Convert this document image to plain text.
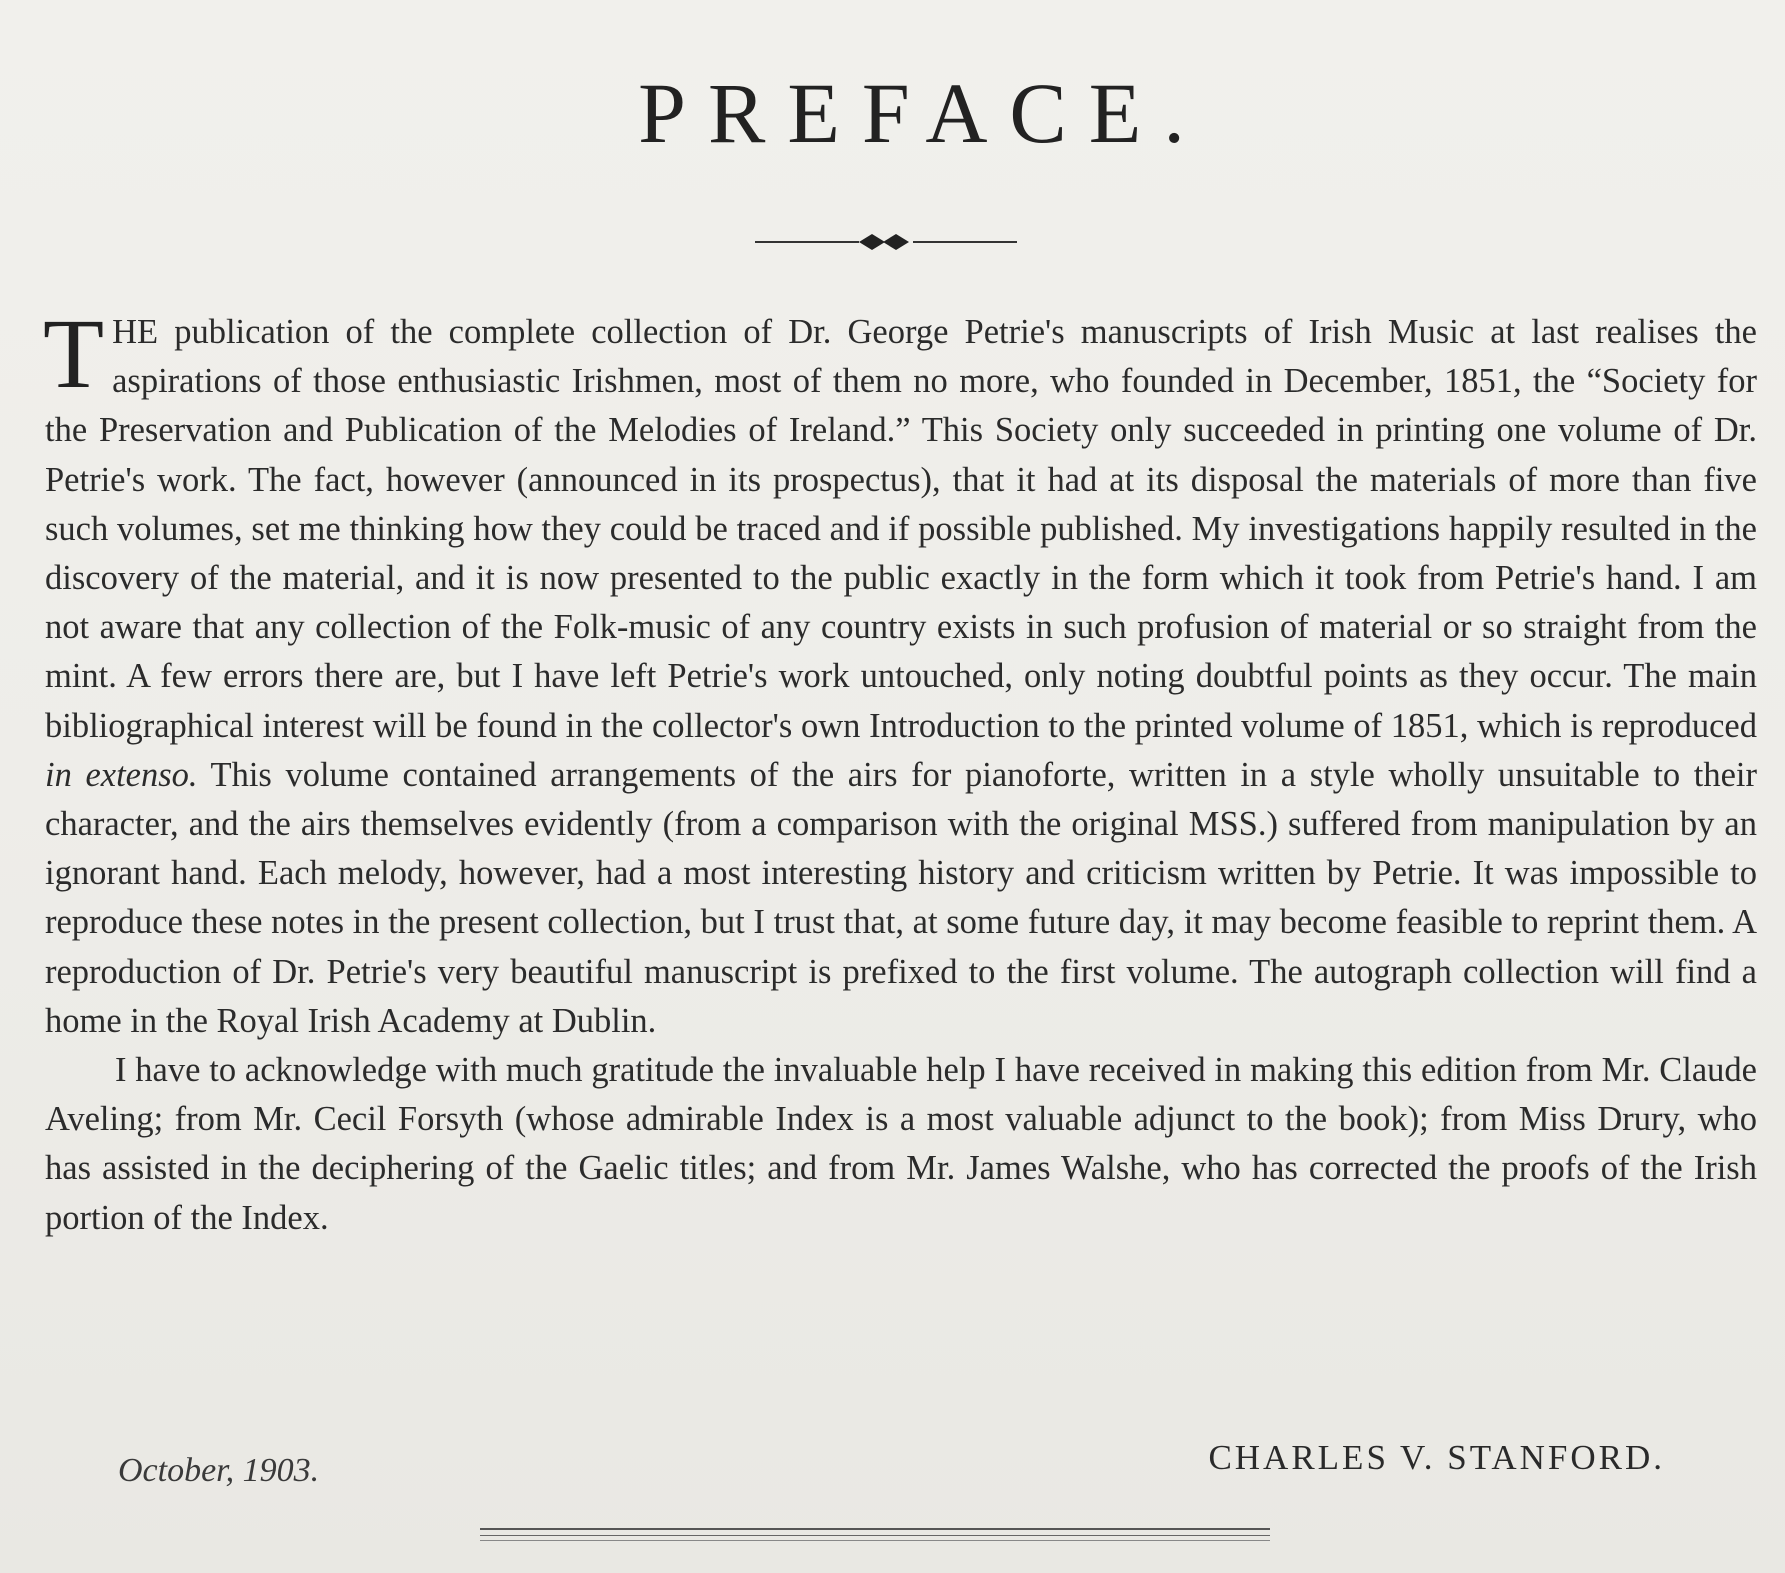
PREFACE.

THE publication of the complete collection of Dr. George Petrie's manuscripts of Irish Music at last realises the aspirations of those enthusiastic Irishmen, most of them no more, who founded in December, 1851, the “Society for the Preservation and Publication of the Melodies of Ireland.” This Society only succeeded in printing one volume of Dr. Petrie's work. The fact, however (announced in its prospectus), that it had at its disposal the materials of more than five such volumes, set me thinking how they could be traced and if possible published. My investigations happily resulted in the discovery of the material, and it is now presented to the public exactly in the form which it took from Petrie's hand. I am not aware that any collection of the Folk-music of any country exists in such profusion of material or so straight from the mint. A few errors there are, but I have left Petrie's work untouched, only noting doubtful points as they occur. The main bibliographical interest will be found in the collector's own Introduction to the printed volume of 1851, which is reproduced in extenso. This volume contained arrangements of the airs for pianoforte, written in a style wholly unsuitable to their character, and the airs themselves evidently (from a comparison with the original MSS.) suffered from manipulation by an ignorant hand. Each melody, however, had a most interesting history and criticism written by Petrie. It was impossible to reproduce these notes in the present collection, but I trust that, at some future day, it may become feasible to reprint them. A reproduction of Dr. Petrie's very beautiful manuscript is prefixed to the first volume. The autograph collection will find a home in the Royal Irish Academy at Dublin.

I have to acknowledge with much gratitude the invaluable help I have received in making this edition from Mr. Claude Aveling; from Mr. Cecil Forsyth (whose admirable Index is a most valuable adjunct to the book); from Miss Drury, who has assisted in the deciphering of the Gaelic titles; and from Mr. James Walshe, who has corrected the proofs of the Irish portion of the Index.

October, 1903.	CHARLES V. STANFORD.
